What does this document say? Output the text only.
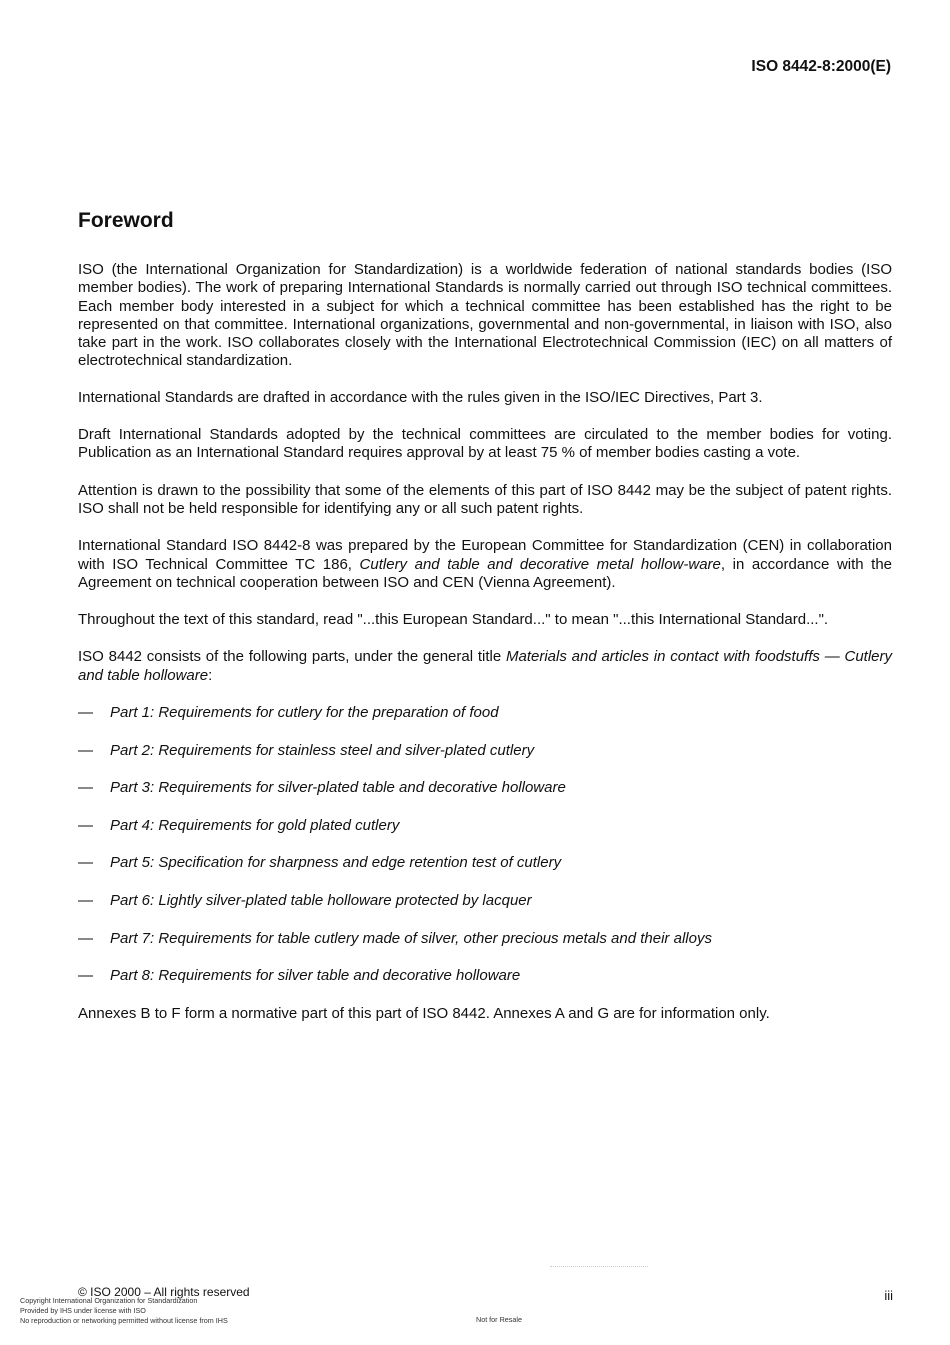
ISO 8442-8:2000(E)
Foreword

ISO (the International Organization for Standardization) is a worldwide federation of national standards bodies (ISO member bodies). The work of preparing International Standards is normally carried out through ISO technical committees. Each member body interested in a subject for which a technical committee has been established has the right to be represented on that committee. International organizations, governmental and non-governmental, in liaison with ISO, also take part in the work. ISO collaborates closely with the International Electrotechnical Commission (IEC) on all matters of electrotechnical standardization.

International Standards are drafted in accordance with the rules given in the ISO/IEC Directives, Part 3.

Draft International Standards adopted by the technical committees are circulated to the member bodies for voting. Publication as an International Standard requires approval by at least 75 % of member bodies casting a vote.

Attention is drawn to the possibility that some of the elements of this part of ISO 8442 may be the subject of patent rights. ISO shall not be held responsible for identifying any or all such patent rights.

International Standard ISO 8442-8 was prepared by the European Committee for Standardization (CEN) in collaboration with ISO Technical Committee TC 186, Cutlery and table and decorative metal hollow-ware, in accordance with the Agreement on technical cooperation between ISO and CEN (Vienna Agreement).

Throughout the text of this standard, read "...this European Standard..." to mean "...this International Standard...".

ISO 8442 consists of the following parts, under the general title Materials and articles in contact with foodstuffs — Cutlery and table holloware:

—	Part 1: Requirements for cutlery for the preparation of food
—	Part 2: Requirements for stainless steel and silver-plated cutlery
—	Part 3: Requirements for silver-plated table and decorative holloware
—	Part 4: Requirements for gold plated cutlery
—	Part 5: Specification for sharpness and edge retention test of cutlery
—	Part 6: Lightly silver-plated table holloware protected by lacquer
—	Part 7: Requirements for table cutlery made of silver, other precious metals and their alloys
—	Part 8: Requirements for silver table and decorative holloware

Annexes B to F form a normative part of this part of ISO 8442. Annexes A and G are for information only.

© ISO 2000 – All rights reserved	iii
Copyright International Organization for Standardization
Provided by IHS under license with ISO
No reproduction or networking permitted without license from IHS	Not for Resale
